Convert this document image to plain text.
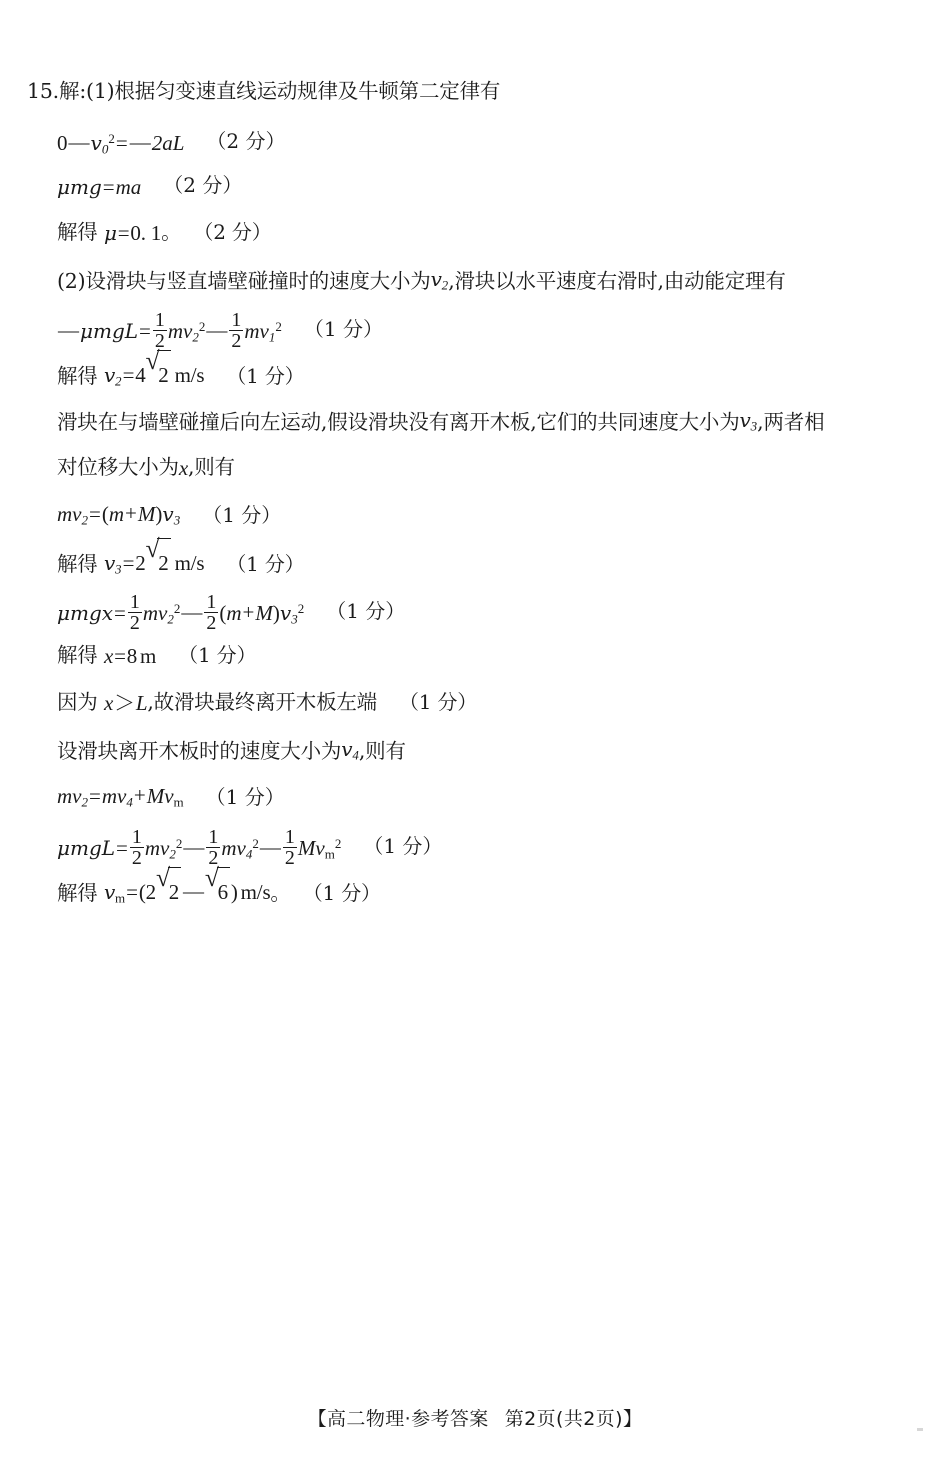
15.解:(1)根据匀变速直线运动规律及牛顿第二定律有
$0—v_0^2=—2aL$ （2 分）
μmg=ma （2 分）
解得 μ=0. 1。 （2 分）
(2)设滑块与竖直墙壁碰撞时的速度大小为$v_2$,滑块以水平速度右滑时,由动能定理有
—μmgL= $\frac{1}{2}$ $mv_2^2— \frac{1}{2} mv_1^2$ （1 分）
解得 $v_2=4$ √
2 m/s （1 分）
滑块在与墙壁碰撞后向左运动,假设滑块没有离开木板,它们的共同速度大小为$v_3$,两者相
对位移大小为x,则有
$mv_2=(m+M)v_3$ （1 分）
解得 $v_3=2$ √
2 m/s （1 分）
$\mu mgx= \frac{1}{2}$ $mv_2^2— \frac{1}{2} (m+M)v_3^2$ （1 分）
解得 x=8 m （1 分）
因为 x＞L,故滑块最终离开木板左端 （1 分）
设滑块离开木板时的速度大小为$v_4$,则有
$mv_2=mv_4+Mv_m$ （1 分）
$\mu mgL= \frac{1}{2}$ $mv_2^2— \frac{1}{2}$ $mv_4^2— \frac{1}{2} Mv_m^2$ （1 分）
解得 $v_m=(2$ √
2 — √
6 ) m/s。 （1 分）
【高二物理·参考答案 第2页(共2页)】
